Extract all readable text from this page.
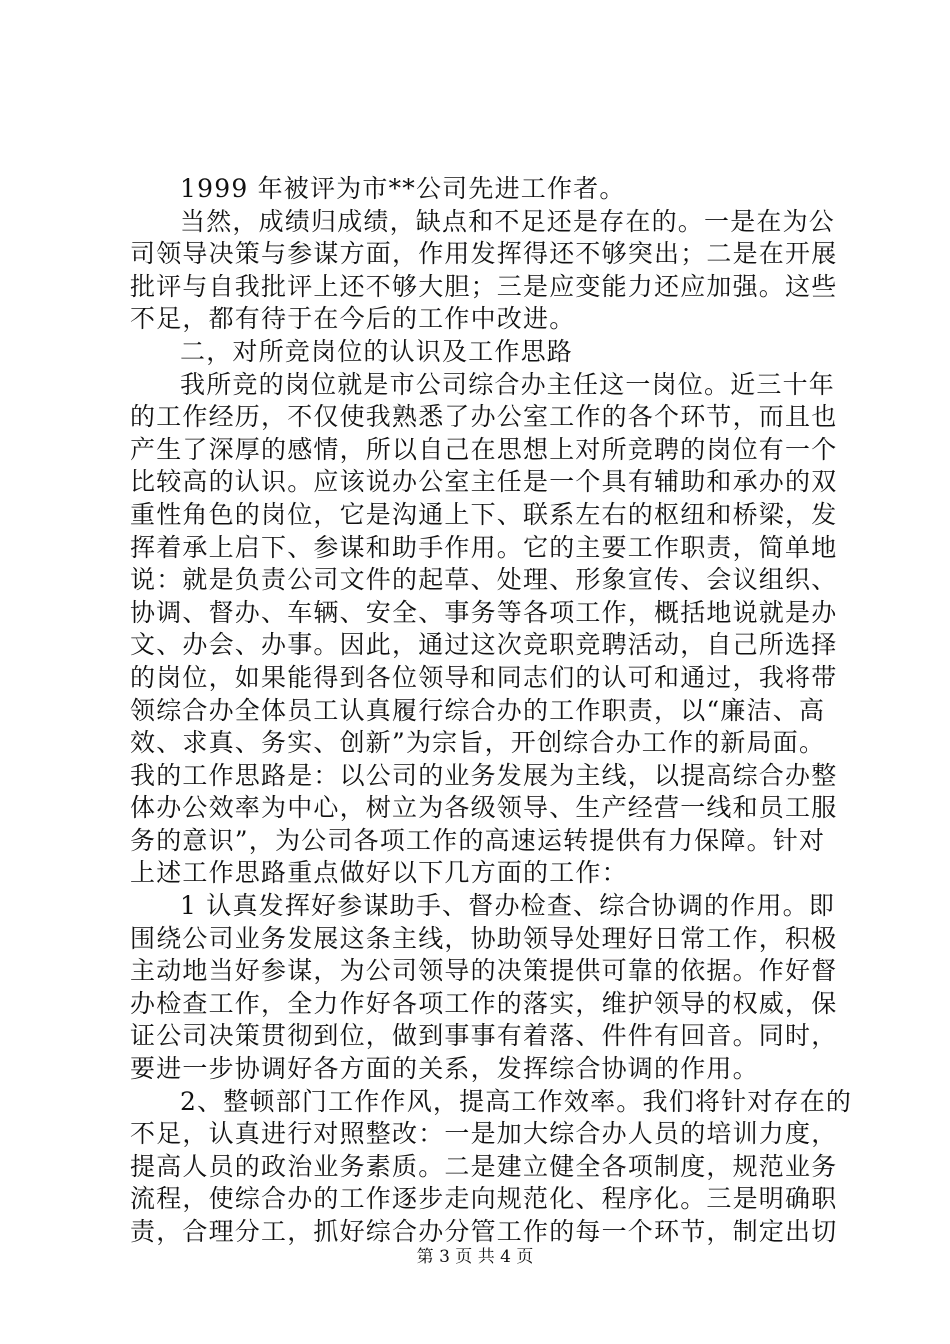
1999 年被评为市**公司先进工作者。
当然，成绩归成绩，缺点和不足还是存在的。一是在为公
司领导决策与参谋方面，作用发挥得还不够突出；二是在开展
批评与自我批评上还不够大胆；三是应变能力还应加强。这些
不足，都有待于在今后的工作中改进。
二，对所竞岗位的认识及工作思路
我所竞的岗位就是市公司综合办主任这一岗位。近三十年
的工作经历，不仅使我熟悉了办公室工作的各个环节，而且也
产生了深厚的感情，所以自己在思想上对所竞聘的岗位有一个
比较高的认识。应该说办公室主任是一个具有辅助和承办的双
重性角色的岗位，它是沟通上下、联系左右的枢纽和桥梁，发
挥着承上启下、参谋和助手作用。它的主要工作职责，简单地
说：就是负责公司文件的起草、处理、形象宣传、会议组织、
协调、督办、车辆、安全、事务等各项工作，概括地说就是办
文、办会、办事。因此，通过这次竞职竞聘活动，自己所选择
的岗位，如果能得到各位领导和同志们的认可和通过，我将带
领综合办全体员工认真履行综合办的工作职责，以“廉洁、高
效、求真、务实、创新”为宗旨，开创综合办工作的新局面。
我的工作思路是：以公司的业务发展为主线，以提高综合办整
体办公效率为中心，树立为各级领导、生产经营一线和员工服
务的意识”，为公司各项工作的高速运转提供有力保障。针对
上述工作思路重点做好以下几方面的工作：
1 认真发挥好参谋助手、督办检查、综合协调的作用。即
围绕公司业务发展这条主线，协助领导处理好日常工作，积极
主动地当好参谋，为公司领导的决策提供可靠的依据。作好督
办检查工作，全力作好各项工作的落实，维护领导的权威，保
证公司决策贯彻到位，做到事事有着落、件件有回音。同时，
要进一步协调好各方面的关系，发挥综合协调的作用。
2、整顿部门工作作风，提高工作效率。我们将针对存在的
不足，认真进行对照整改：一是加大综合办人员的培训力度，
提高人员的政治业务素质。二是建立健全各项制度，规范业务
流程，使综合办的工作逐步走向规范化、程序化。三是明确职
责，合理分工，抓好综合办分管工作的每一个环节，制定出切
第 3 页 共 4 页
